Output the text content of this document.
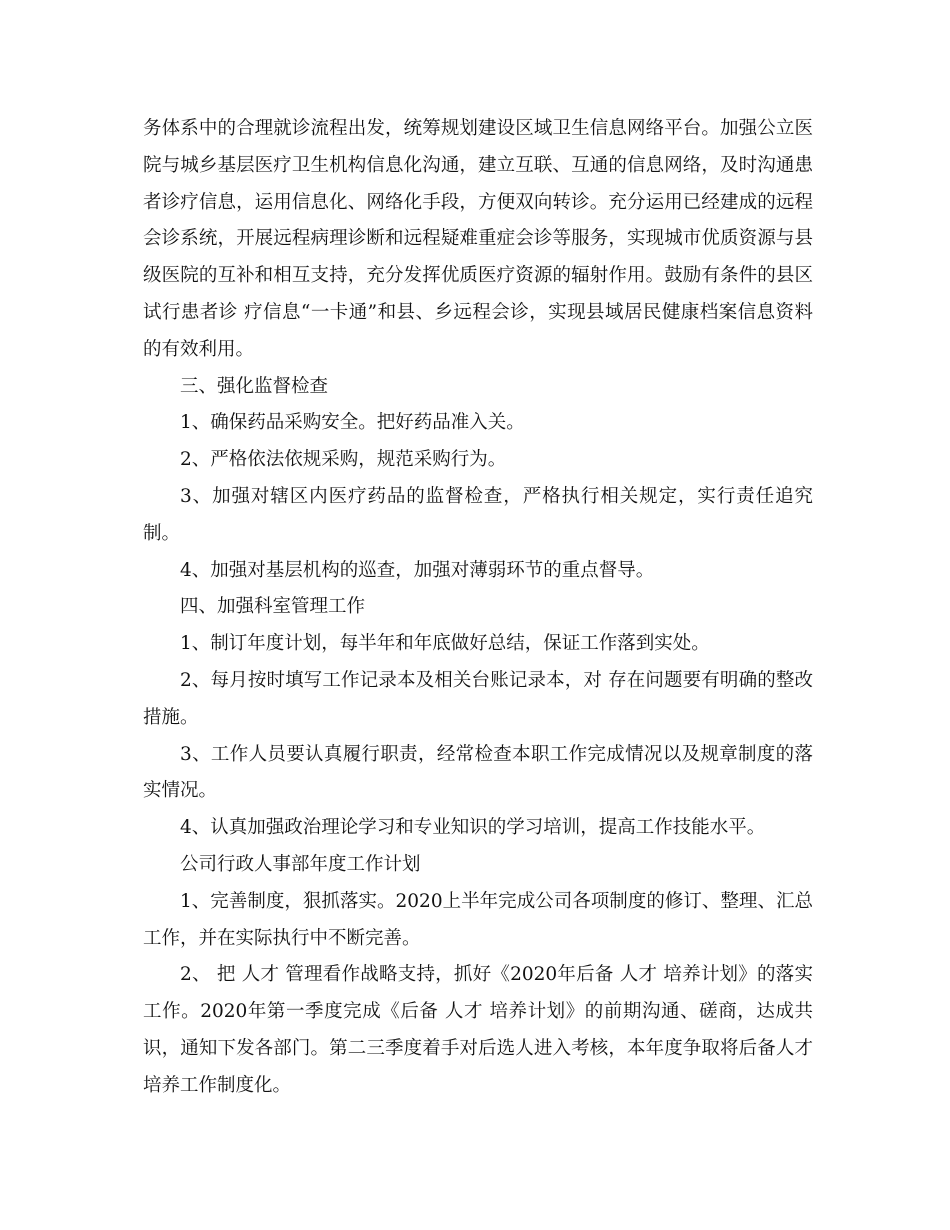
务体系中的合理就诊流程出发，统筹规划建设区域卫生信息网络平台。加强公立医院与城乡基层医疗卫生机构信息化沟通，建立互联、互通的信息网络，及时沟通患者诊疗信息，运用信息化、网络化手段，方便双向转诊。充分运用已经建成的远程会诊系统，开展远程病理诊断和远程疑难重症会诊等服务，实现城市优质资源与县级医院的互补和相互支持，充分发挥优质医疗资源的辐射作用。鼓励有条件的县区试行患者诊 疗信息“一卡通”和县、乡远程会诊，实现县域居民健康档案信息资料的有效利用。

三、强化监督检查

1、确保药品采购安全。把好药品准入关。

2、严格依法依规采购，规范采购行为。

3、加强对辖区内医疗药品的监督检查，严格执行相关规定，实行责任追究制。

4、加强对基层机构的巡查，加强对薄弱环节的重点督导。

四、加强科室管理工作

1、制订年度计划，每半年和年底做好总结，保证工作落到实处。

2、每月按时填写工作记录本及相关台账记录本，对 存在问题要有明确的整改措施。

3、工作人员要认真履行职责，经常检查本职工作完成情况以及规章制度的落实情况。

4、认真加强政治理论学习和专业知识的学习培训，提高工作技能水平。

公司行政人事部年度工作计划

1、完善制度，狠抓落实。2020上半年完成公司各项制度的修订、整理、汇总工作，并在实际执行中不断完善。

2、 把 人才 管理看作战略支持，抓好《2020年后备 人才 培养计划》的落实工作。2020年第一季度完成《后备 人才 培养计划》的前期沟通、磋商，达成共识，通知下发各部门。第二三季度着手对后选人进入考核，本年度争取将后备人才培养工作制度化。
